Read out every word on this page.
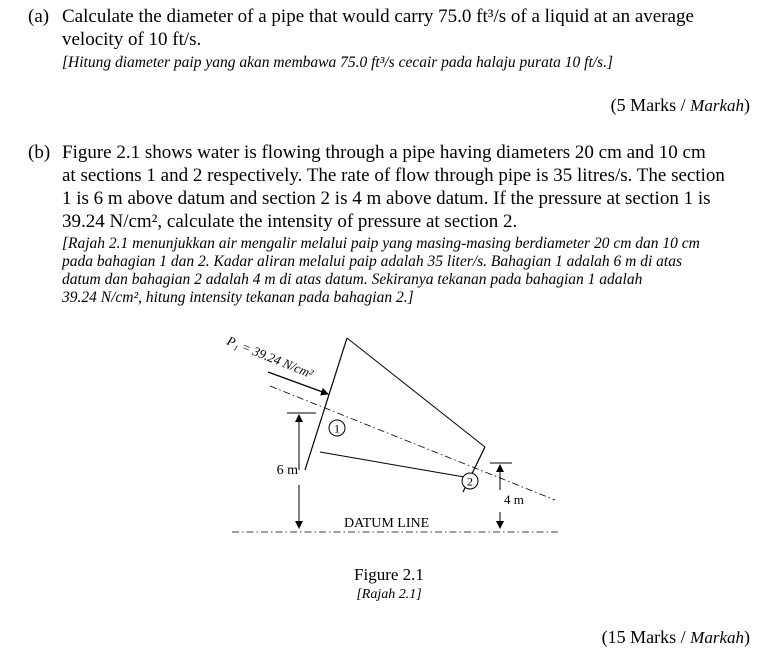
(a) Calculate the diameter of a pipe that would carry 75.0 ft³/s of a liquid at an average
velocity of 10 ft/s.
[Hitung diameter paip yang akan membawa 75.0 ft³/s cecair pada halaju purata 10 ft/s.]
(5 Marks / Markah)
(b) Figure 2.1 shows water is flowing through a pipe having diameters 20 cm and 10 cm
at sections 1 and 2 respectively. The rate of flow through pipe is 35 litres/s. The section
1 is 6 m above datum and section 2 is 4 m above datum. If the pressure at section 1 is
39.24 N/cm², calculate the intensity of pressure at section 2.
[Rajah 2.1 menunjukkan air mengalir melalui paip yang masing-masing berdiameter 20 cm dan 10 cm
pada bahagian 1 dan 2. Kadar aliran melalui paip adalah 35 liter/s. Bahagian 1 adalah 6 m di atas
datum dan bahagian 2 adalah 4 m di atas datum. Sekiranya tekanan pada bahagian 1 adalah
39.24 N/cm², hitung intensity tekanan pada bahagian 2.]
P₁ = 39.24 N/cm²
1
2
6 m
4 m
DATUM LINE
Figure 2.1
[Rajah 2.1]
(15 Marks / Markah)
